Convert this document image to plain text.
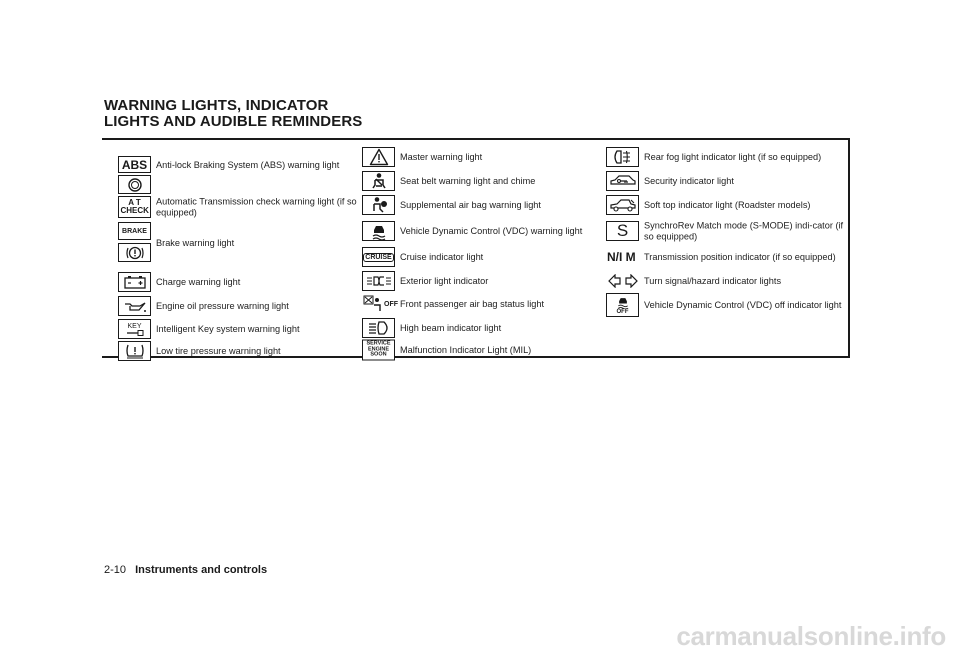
WARNING LIGHTS, INDICATOR
LIGHTS AND AUDIBLE REMINDERS
ABS Anti-lock Braking System (ABS) warning light
A T CHECK
Automatic Transmission check warning light (if so equipped)
BRAKE
Brake warning light
Charge warning light
Engine oil pressure warning light
KEY Intelligent Key system warning light
Low tire pressure warning light
Master warning light
Seat belt warning light and chime
Supplemental air bag warning light
Vehicle Dynamic Control (VDC) warning light
CRUISE Cruise indicator light
Exterior light indicator
OFF Front passenger air bag status light
High beam indicator light
SERVICE ENGINE SOON
Malfunction Indicator Light (MIL)
Rear fog light indicator light (if so equipped)
Security indicator light
Soft top indicator light (Roadster models)
S SynchroRev Match mode (S-MODE) indi-cator (if so equipped)
N/I M Transmission position indicator (if so equipped)
Turn signal/hazard indicator lights
OFF
Vehicle Dynamic Control (VDC) off indicator light
2-10 Instruments and controls
carmanualsonline.info
